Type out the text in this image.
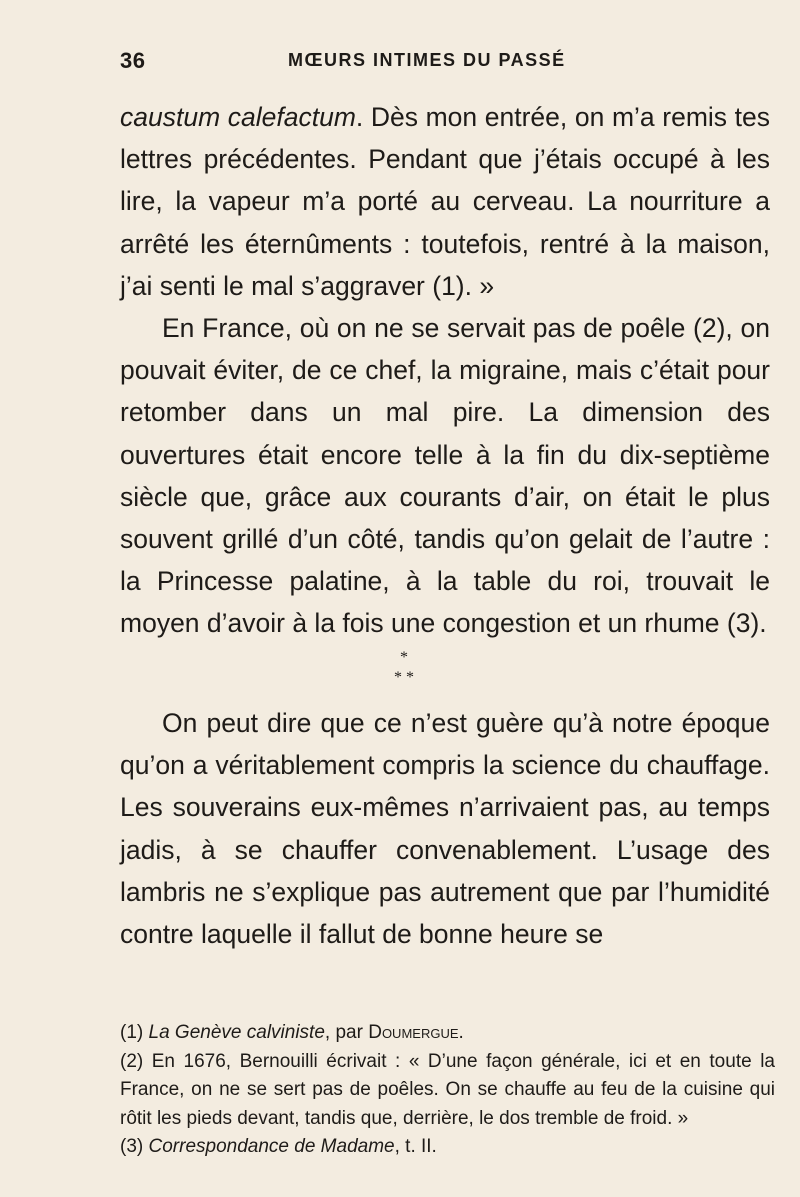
36	MŒURS INTIMES DU PASSÉ

caustum calefactum. Dès mon entrée, on m’a remis tes lettres précédentes. Pendant que j’étais occupé à les lire, la vapeur m’a porté au cerveau. La nourriture a arrêté les éternûments : toutefois, rentré à la maison, j’ai senti le mal s’aggraver (1). »

En France, où on ne se servait pas de poêle (2), on pouvait éviter, de ce chef, la migraine, mais c’était pour retomber dans un mal pire. La dimension des ouvertures était encore telle à la fin du dix-septième siècle que, grâce aux courants d’air, on était le plus souvent grillé d’un côté, tandis qu’on gelait de l’autre : la Princesse palatine, à la table du roi, trouvait le moyen d’avoir à la fois une congestion et un rhume (3).

*
* *

On peut dire que ce n’est guère qu’à notre époque qu’on a véritablement compris la science du chauffage. Les souverains eux-mêmes n’arrivaient pas, au temps jadis, à se chauffer convenablement. L’usage des lambris ne s’explique pas autrement que par l’humidité contre laquelle il fallut de bonne heure se

(1) La Genève calviniste, par Doumergue.

(2) En 1676, Bernouilli écrivait : « D’une façon générale, ici et en toute la France, on ne se sert pas de poêles. On se chauffe au feu de la cuisine qui rôtit les pieds devant, tandis que, derrière, le dos tremble de froid. »

(3) Correspondance de Madame, t. II.
